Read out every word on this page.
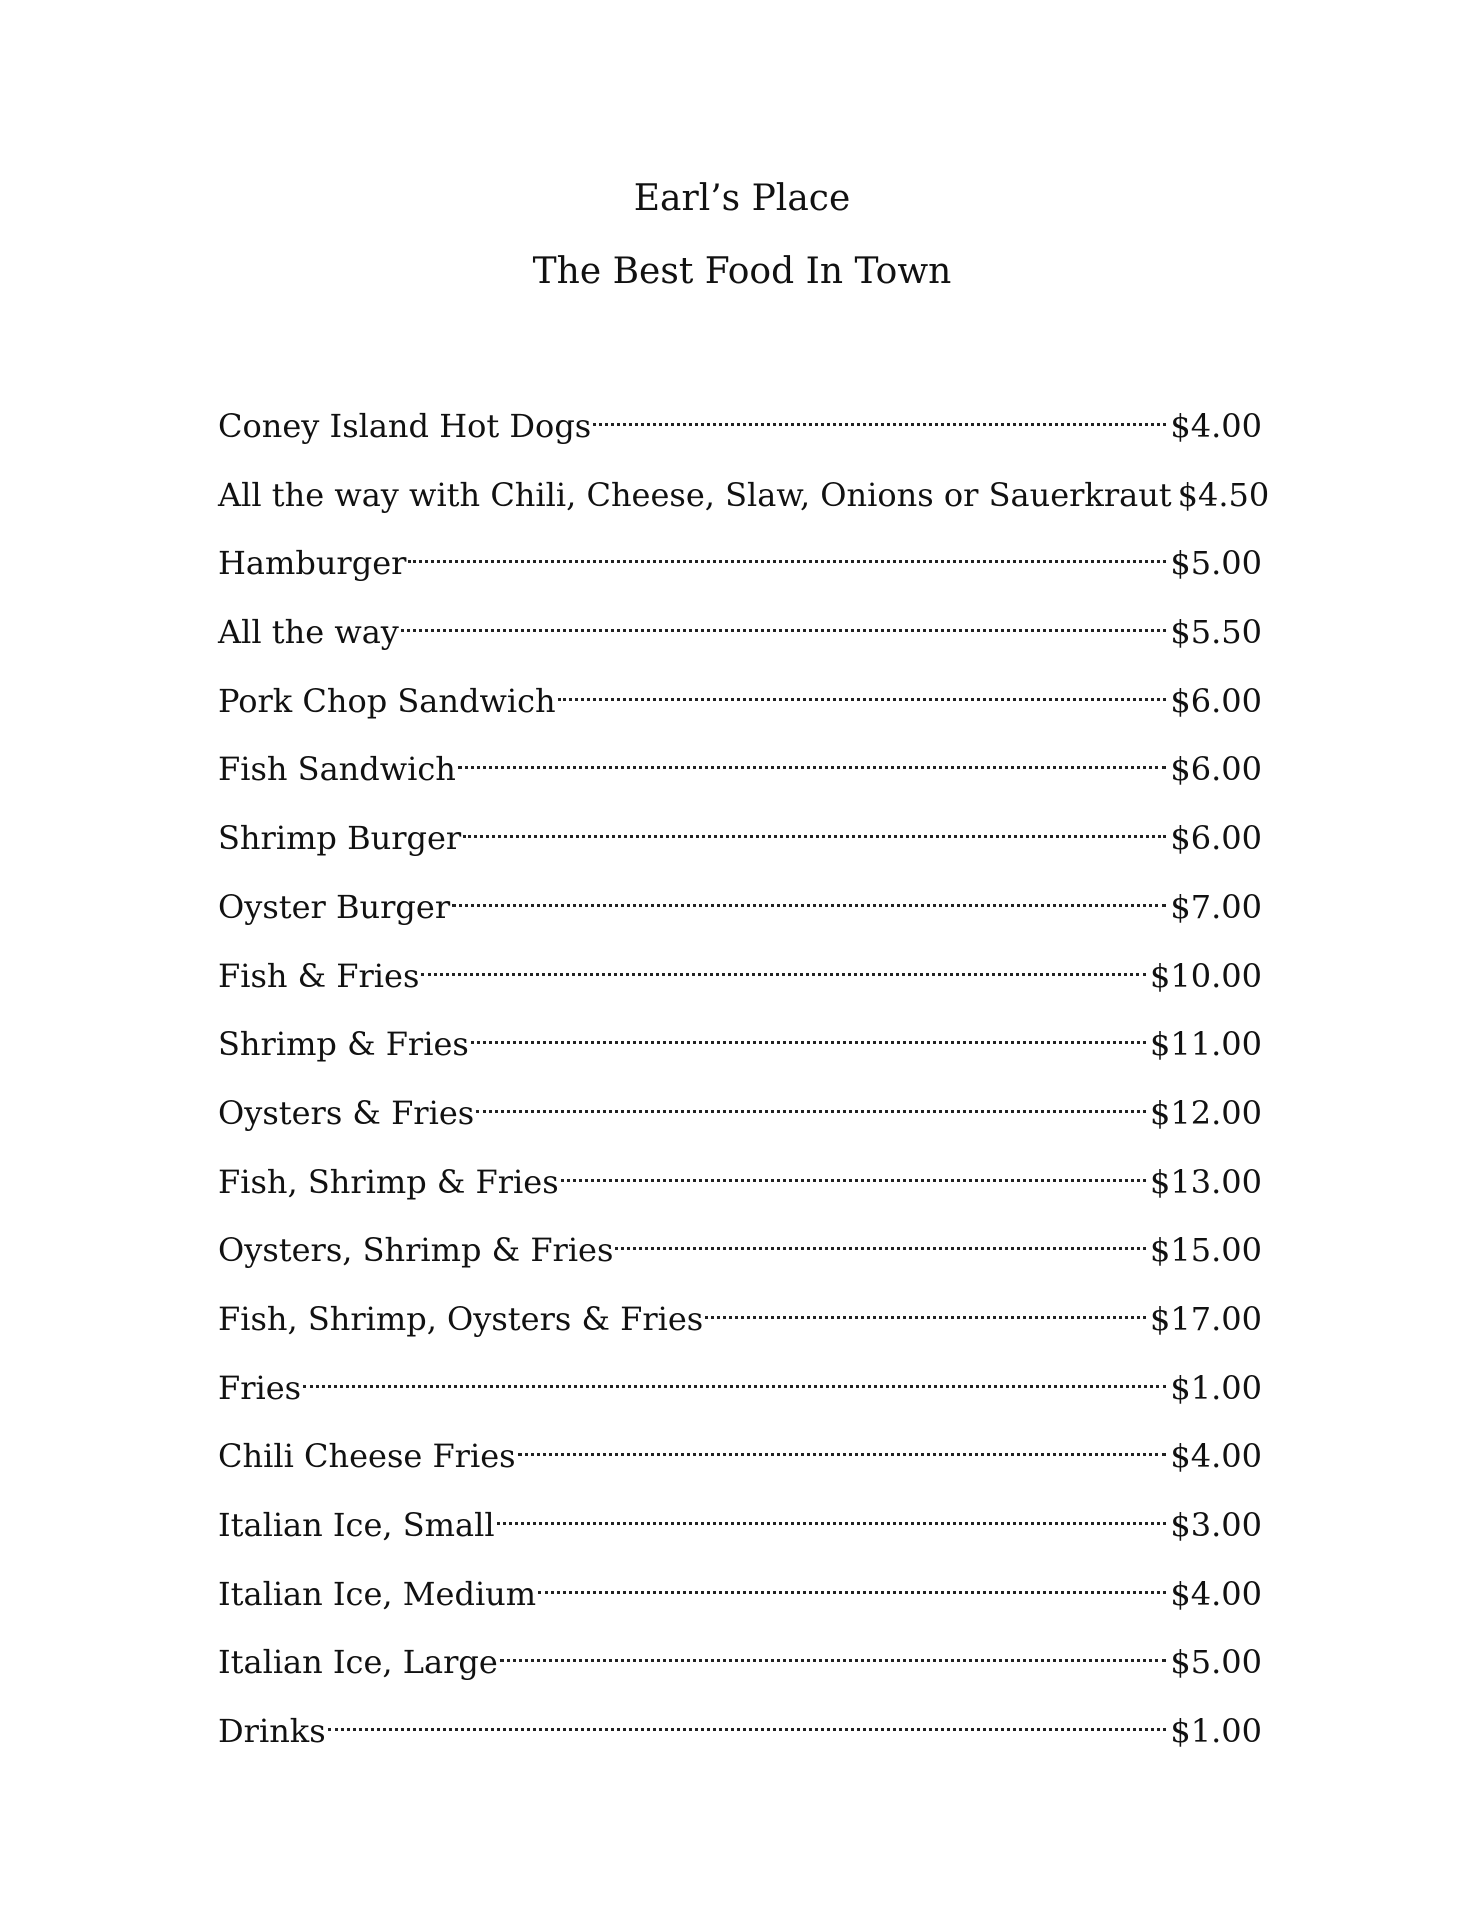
Earl’s Place
The Best Food In Town
Coney Island Hot Dogs	$4.00
All the way with Chili, Cheese, Slaw, Onions or Sauerkraut $4.50
Hamburger	$5.00
All the way	$5.50
Pork Chop Sandwich	$6.00
Fish Sandwich	$6.00
Shrimp Burger	$6.00
Oyster Burger	$7.00
Fish & Fries	$10.00
Shrimp & Fries	$11.00
Oysters & Fries	$12.00
Fish, Shrimp & Fries	$13.00
Oysters, Shrimp & Fries	$15.00
Fish, Shrimp, Oysters & Fries	$17.00
Fries	$1.00
Chili Cheese Fries	$4.00
Italian Ice, Small	$3.00
Italian Ice, Medium	$4.00
Italian Ice, Large	$5.00
Drinks	$1.00
